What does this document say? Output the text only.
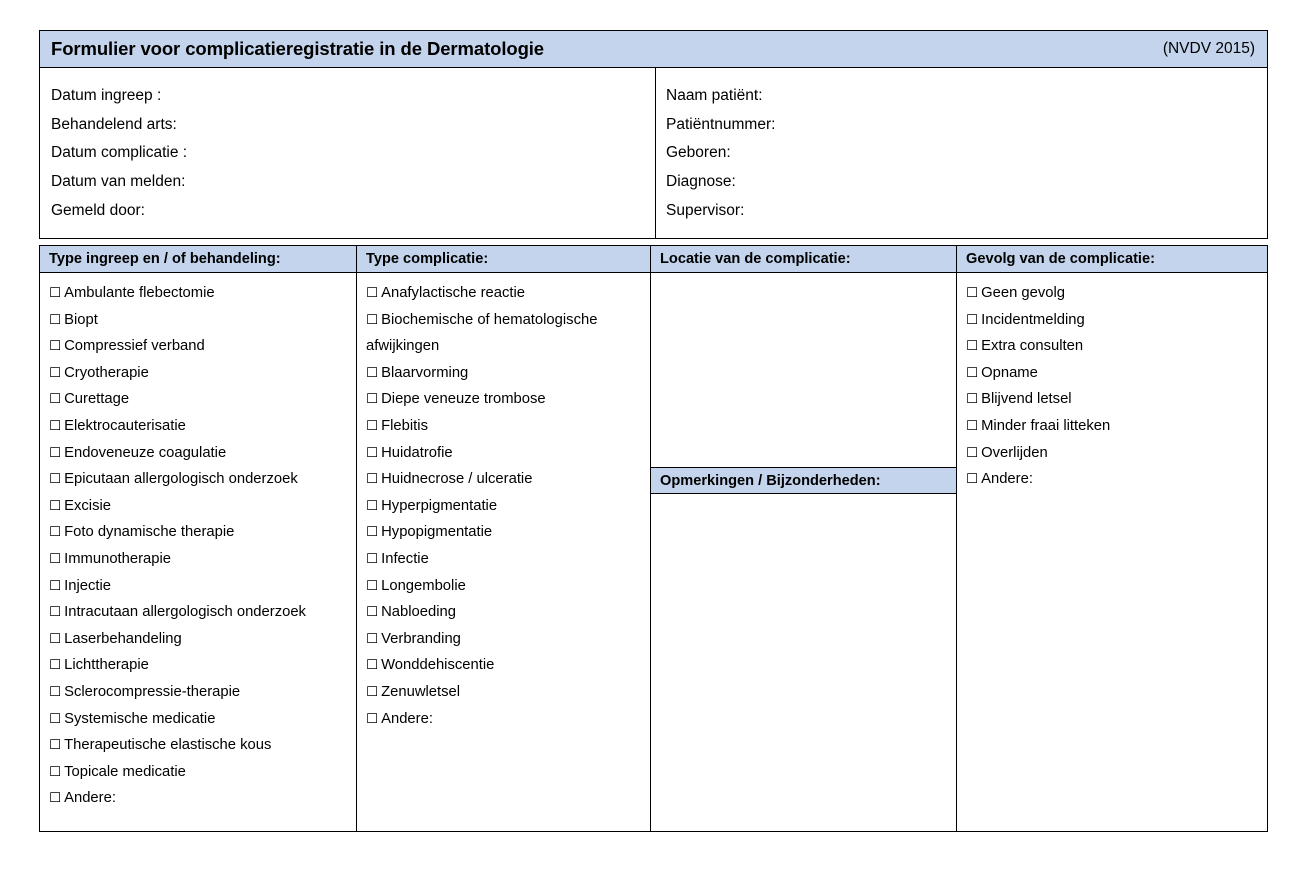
Formulier voor complicatieregistratie in de Dermatologie	(NVDV 2015)
Datum ingreep :
Behandelend arts:
Datum complicatie :
Datum van melden:
Gemeld door:
Naam patiënt:
Patiëntnummer:
Geboren:
Diagnose:
Supervisor:
Type ingreep en / of behandeling:
☐ Ambulante flebectomie
☐ Biopt
☐ Compressief verband
☐ Cryotherapie
☐ Curettage
☐ Elektrocauterisatie
☐ Endoveneuze coagulatie
☐ Epicutaan allergologisch onderzoek
☐ Excisie
☐ Foto dynamische therapie
☐ Immunotherapie
☐ Injectie
☐ Intracutaan allergologisch onderzoek
☐ Laserbehandeling
☐ Lichttherapie
☐ Sclerocompressie-therapie
☐ Systemische medicatie
☐ Therapeutische elastische kous
☐ Topicale medicatie
☐ Andere:
Type complicatie:
☐ Anafylactische reactie
☐ Biochemische of hematologische afwijkingen
☐ Blaarvorming
☐ Diepe veneuze trombose
☐ Flebitis
☐ Huidatrofie
☐ Huidnecrose / ulceratie
☐ Hyperpigmentatie
☐ Hypopigmentatie
☐ Infectie
☐ Longembolie
☐ Nabloeding
☐ Verbranding
☐ Wonddehiscentie
☐ Zenuwletsel
☐ Andere:
Locatie van de complicatie:
Opmerkingen / Bijzonderheden:
Gevolg van de complicatie:
☐ Geen gevolg
☐ Incidentmelding
☐ Extra consulten
☐ Opname
☐ Blijvend letsel
☐ Minder fraai litteken
☐ Overlijden
☐ Andere:
